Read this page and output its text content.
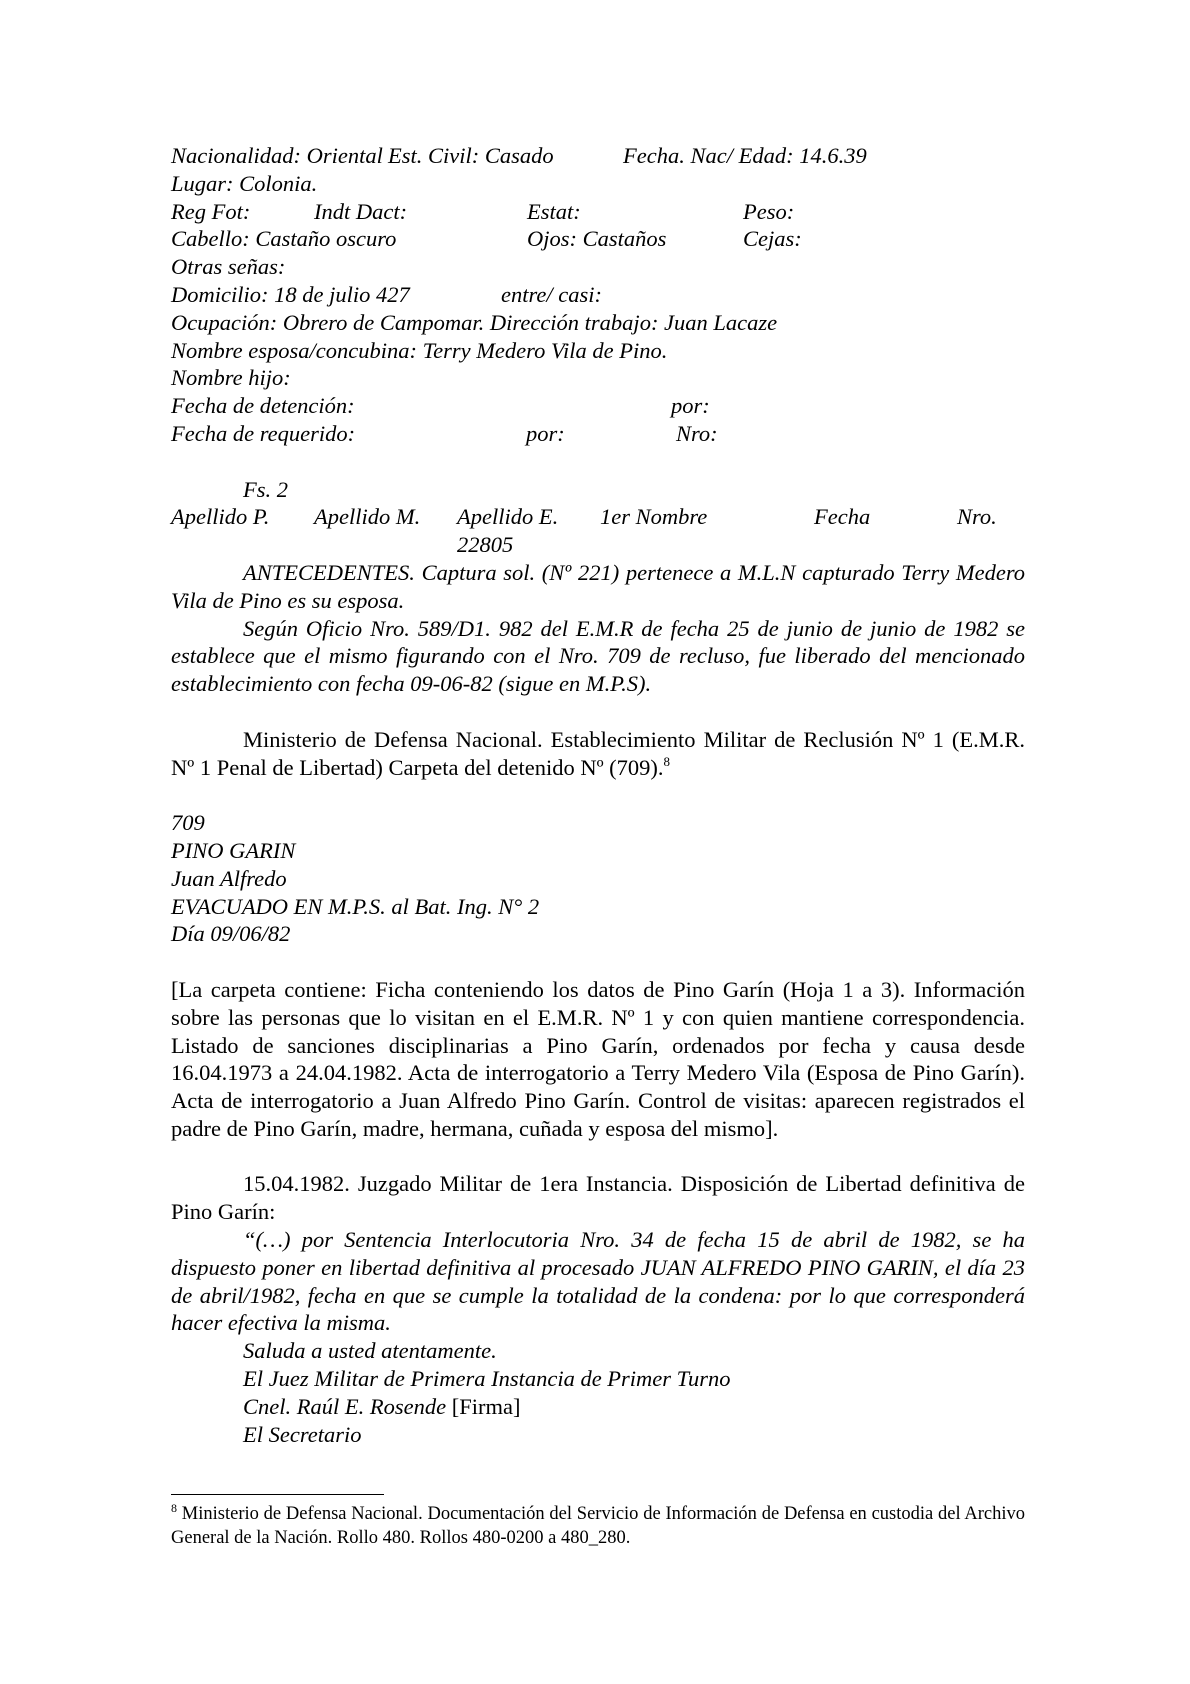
Nacionalidad: Oriental Est. Civil: Casado	Fecha. Nac/ Edad: 14.6.39
Lugar: Colonia.
Reg Fot:	Indt Dact:	Estat:	Peso:
Cabello: Castaño oscuro	Ojos: Castaños	Cejas:
Otras señas:
Domicilio: 18 de julio 427	entre/ casi:
Ocupación: Obrero de Campomar. Dirección trabajo: Juan Lacaze
Nombre esposa/concubina: Terry Medero Vila de Pino.
Nombre hijo:
Fecha de detención:	por:
Fecha de requerido:	por:	Nro:
Fs. 2
Apellido P. Apellido M. Apellido E. 1er Nombre	Fecha	Nro.
22805
ANTECEDENTES. Captura sol. (Nº 221) pertenece a M.L.N capturado Terry Medero Vila de Pino es su esposa.
Según Oficio Nro. 589/D1. 982 del E.M.R de fecha 25 de junio de junio de 1982 se establece que el mismo figurando con el Nro. 709 de recluso, fue liberado del mencionado establecimiento con fecha 09-06-82 (sigue en M.P.S).
Ministerio de Defensa Nacional. Establecimiento Militar de Reclusión Nº 1 (E.M.R. Nº 1 Penal de Libertad) Carpeta del detenido Nº (709).$^8$
709
PINO GARIN
Juan Alfredo
EVACUADO EN M.P.S. al Bat. Ing. N° 2
Día 09/06/82
[La carpeta contiene: Ficha conteniendo los datos de Pino Garín (Hoja 1 a 3). Información sobre las personas que lo visitan en el E.M.R. Nº 1 y con quien mantiene correspondencia. Listado de sanciones disciplinarias a Pino Garín, ordenados por fecha y causa desde 16.04.1973 a 24.04.1982. Acta de interrogatorio a Terry Medero Vila (Esposa de Pino Garín). Acta de interrogatorio a Juan Alfredo Pino Garín. Control de visitas: aparecen registrados el padre de Pino Garín, madre, hermana, cuñada y esposa del mismo].
15.04.1982. Juzgado Militar de 1era Instancia. Disposición de Libertad definitiva de Pino Garín:
“(…) por Sentencia Interlocutoria Nro. 34 de fecha 15 de abril de 1982, se ha dispuesto poner en libertad definitiva al procesado JUAN ALFREDO PINO GARIN, el día 23 de abril/1982, fecha en que se cumple la totalidad de la condena: por lo que corresponderá hacer efectiva la misma.
Saluda a usted atentamente.
El Juez Militar de Primera Instancia de Primer Turno
Cnel. Raúl E. Rosende [Firma]
El Secretario
$^8$ Ministerio de Defensa Nacional. Documentación del Servicio de Información de Defensa en custodia del Archivo General de la Nación. Rollo 480. Rollos 480-0200 a 480_280.
